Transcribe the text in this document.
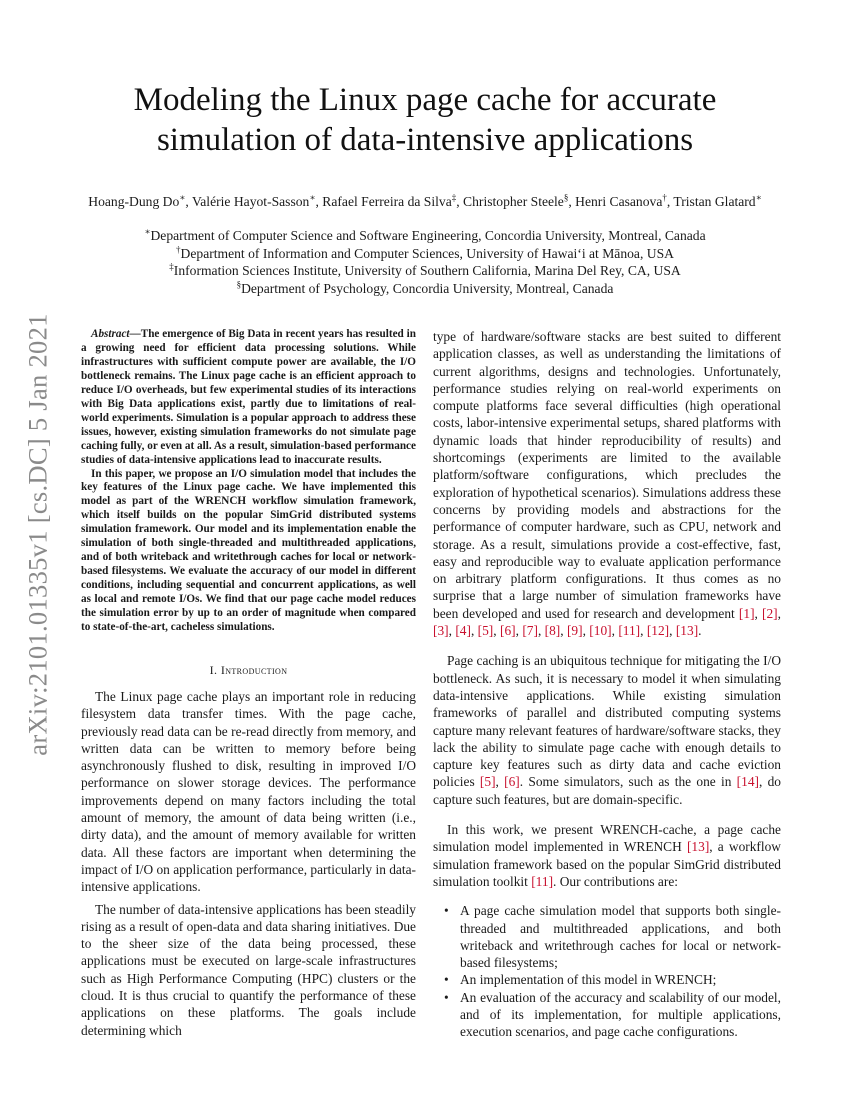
arXiv:2101.01335v1 [cs.DC] 5 Jan 2021
Modeling the Linux page cache for accurate
simulation of data-intensive applications

Hoang-Dung Do∗, Valérie Hayot-Sasson∗, Rafael Ferreira da Silva‡, Christopher Steele§, Henri Casanova†, Tristan Glatard∗

∗Department of Computer Science and Software Engineering, Concordia University, Montreal, Canada
†Department of Information and Computer Sciences, University of Hawai‘i at Mānoa, USA
‡Information Sciences Institute, University of Southern California, Marina Del Rey, CA, USA
§Department of Psychology, Concordia University, Montreal, Canada

Abstract—The emergence of Big Data in recent years has resulted in a growing need for efficient data processing solutions. While infrastructures with sufficient compute power are available, the I/O bottleneck remains. The Linux page cache is an efficient approach to reduce I/O overheads, but few experimental studies of its interactions with Big Data applications exist, partly due to limitations of real-world experiments. Simulation is a popular approach to address these issues, however, existing simulation frameworks do not simulate page caching fully, or even at all. As a result, simulation-based performance studies of data-intensive applications lead to inaccurate results.

In this paper, we propose an I/O simulation model that includes the key features of the Linux page cache. We have implemented this model as part of the WRENCH workflow simulation framework, which itself builds on the popular SimGrid distributed systems simulation framework. Our model and its implementation enable the simulation of both single-threaded and multithreaded applications, and of both writeback and writethrough caches for local or network-based filesystems. We evaluate the accuracy of our model in different conditions, including sequential and concurrent applications, as well as local and remote I/Os. We find that our page cache model reduces the simulation error by up to an order of magnitude when compared to state-of-the-art, cacheless simulations.

I. Introduction

The Linux page cache plays an important role in reducing filesystem data transfer times. With the page cache, previously read data can be re-read directly from memory, and written data can be written to memory before being asynchronously flushed to disk, resulting in improved I/O performance on slower storage devices. The performance improvements depend on many factors including the total amount of memory, the amount of data being written (i.e., dirty data), and the amount of memory available for written data. All these factors are important when determining the impact of I/O on application performance, particularly in data-intensive applications.

The number of data-intensive applications has been steadily rising as a result of open-data and data sharing initiatives. Due to the sheer size of the data being processed, these applications must be executed on large-scale infrastructures such as High Performance Computing (HPC) clusters or the cloud. It is thus crucial to quantify the performance of these applications on these platforms. The goals include determining which

type of hardware/software stacks are best suited to different application classes, as well as understanding the limitations of current algorithms, designs and technologies. Unfortunately, performance studies relying on real-world experiments on compute platforms face several difficulties (high operational costs, labor-intensive experimental setups, shared platforms with dynamic loads that hinder reproducibility of results) and shortcomings (experiments are limited to the available platform/software configurations, which precludes the exploration of hypothetical scenarios). Simulations address these concerns by providing models and abstractions for the performance of computer hardware, such as CPU, network and storage. As a result, simulations provide a cost-effective, fast, easy and reproducible way to evaluate application performance on arbitrary platform configurations. It thus comes as no surprise that a large number of simulation frameworks have been developed and used for research and development [1], [2], [3], [4], [5], [6], [7], [8], [9], [10], [11], [12], [13].

Page caching is an ubiquitous technique for mitigating the I/O bottleneck. As such, it is necessary to model it when simulating data-intensive applications. While existing simulation frameworks of parallel and distributed computing systems capture many relevant features of hardware/software stacks, they lack the ability to simulate page cache with enough details to capture key features such as dirty data and cache eviction policies [5], [6]. Some simulators, such as the one in [14], do capture such features, but are domain-specific.

In this work, we present WRENCH-cache, a page cache simulation model implemented in WRENCH [13], a workflow simulation framework based on the popular SimGrid distributed simulation toolkit [11]. Our contributions are:

• A page cache simulation model that supports both single-threaded and multithreaded applications, and both writeback and writethrough caches for local or network-based filesystems;
• An implementation of this model in WRENCH;
• An evaluation of the accuracy and scalability of our model, and of its implementation, for multiple applications, execution scenarios, and page cache configurations.
